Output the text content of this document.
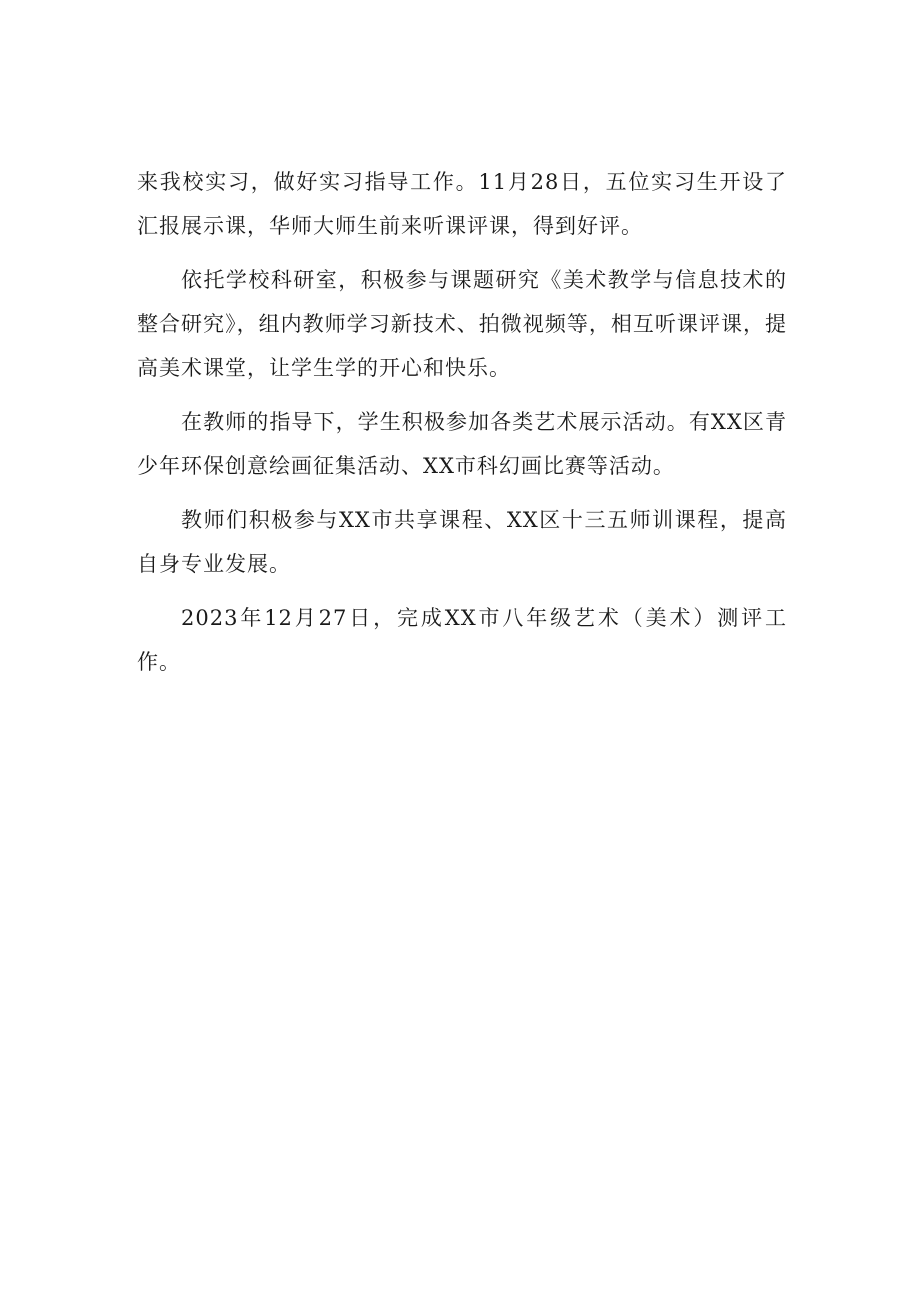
来我校实习，做好实习指导工作。11月28日，五位实习生开设了汇报展示课，华师大师生前来听课评课，得到好评。

依托学校科研室，积极参与课题研究《美术教学与信息技术的整合研究》，组内教师学习新技术、拍微视频等，相互听课评课，提高美术课堂，让学生学的开心和快乐。

在教师的指导下，学生积极参加各类艺术展示活动。有XX区青少年环保创意绘画征集活动、XX市科幻画比赛等活动。

教师们积极参与XX市共享课程、XX区十三五师训课程，提高自身专业发展。

2023年12月27日，完成XX市八年级艺术（美术）测评工作。
